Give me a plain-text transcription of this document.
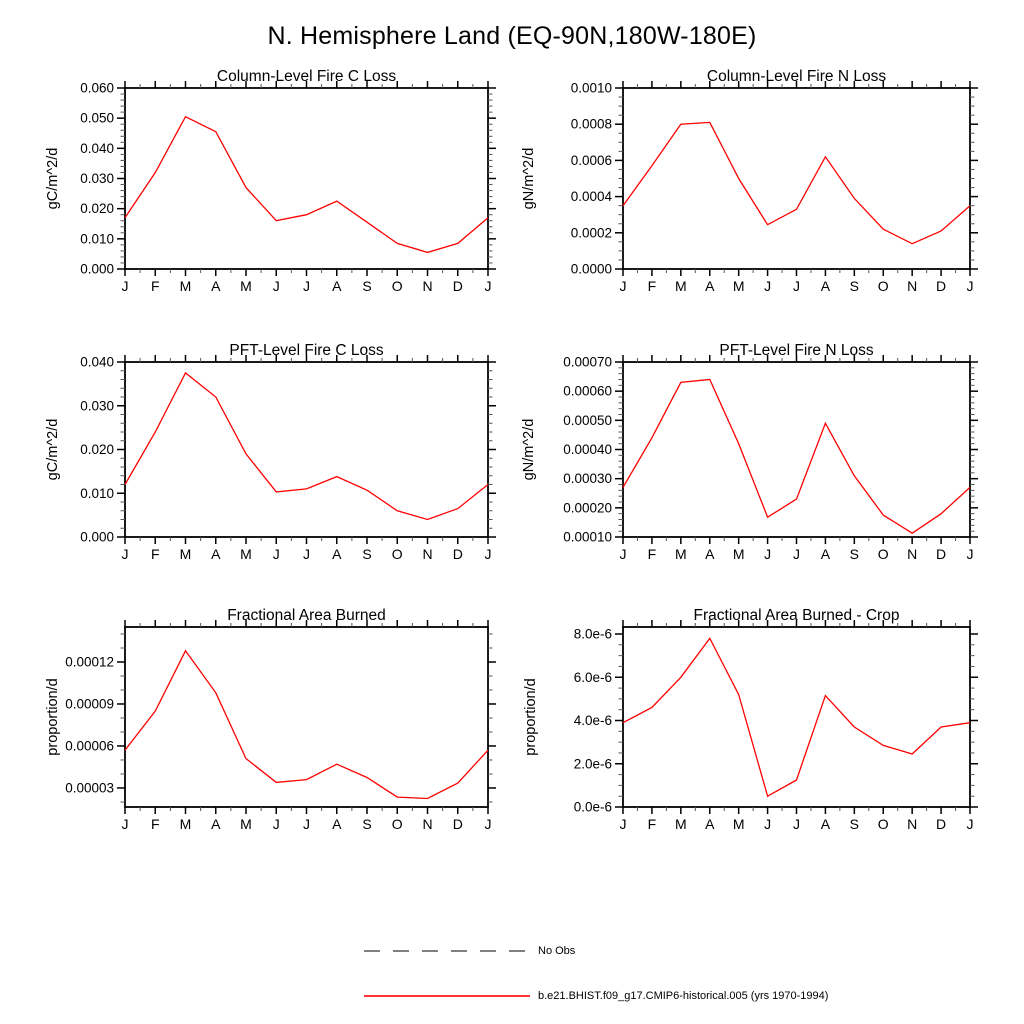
N. Hemisphere Land (EQ-90N,180W-180E)
Column-Level Fire C Loss
gC/m^2/d
J F M A M J J A S O N D J
0.000
0.010
0.020
0.030
0.040
0.050
0.060
Column-Level Fire N Loss
gN/m^2/d
J F M A M J J A S O N D J
0.0000
0.0002
0.0004
0.0006
0.0008
0.0010
PFT-Level Fire C Loss
gC/m^2/d
J F M A M J J A S O N D J
0.000
0.010
0.020
0.030
0.040
PFT-Level Fire N Loss
gN/m^2/d
J F M A M J J A S O N D J
0.00010
0.00020
0.00030
0.00040
0.00050
0.00060
0.00070
Fractional Area Burned
proportion/d
J F M A M J J A S O N D J
0.00003
0.00006
0.00009
0.00012
Fractional Area Burned - Crop
proportion/d
J F M A M J J A S O N D J
0.0e-6
2.0e-6
4.0e-6
6.0e-6
8.0e-6
No Obs
b.e21.BHIST.f09_g17.CMIP6-historical.005 (yrs 1970-1994)
